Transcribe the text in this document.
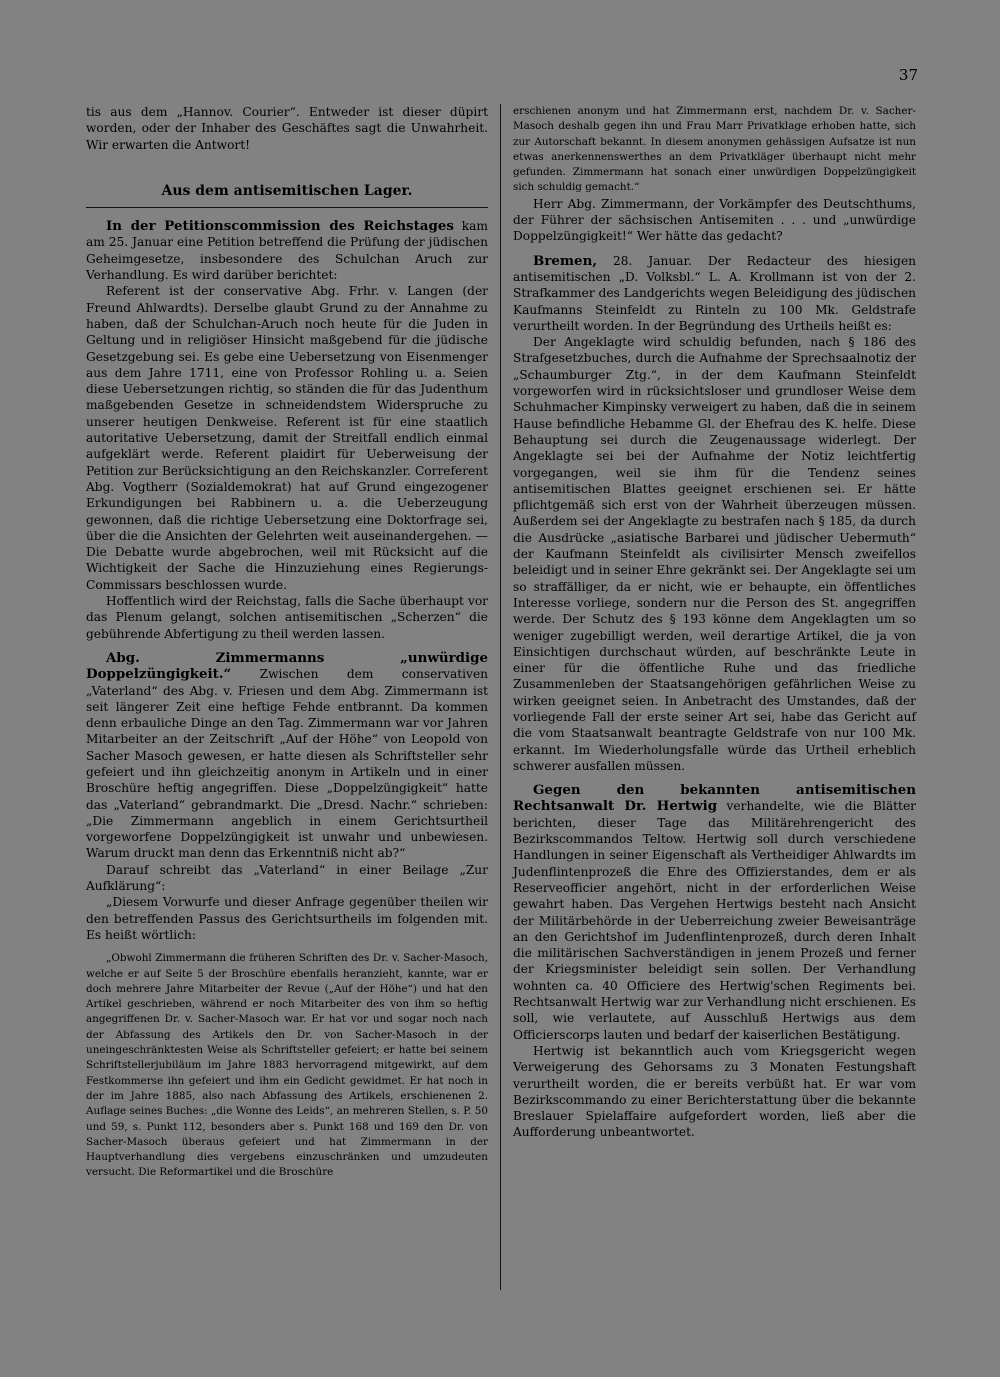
37

tis aus dem „Hannov. Courier“. Entweder ist dieser düpirt worden, oder der Inhaber des Geschäftes sagt die Unwahrheit. Wir erwarten die Antwort!

Aus dem antisemitischen Lager.

In der Petitionscommission des Reichstages kam am 25. Januar eine Petition betreffend die Prüfung der jüdischen Geheimgesetze, insbesondere des Schulchan Aruch zur Verhandlung. Es wird darüber berichtet:

Referent ist der conservative Abg. Frhr. v. Langen (der Freund Ahlwardts). Derselbe glaubt Grund zu der Annahme zu haben, daß der Schulchan-Aruch noch heute für die Juden in Geltung und in religiöser Hinsicht maßgebend für die jüdische Gesetzgebung sei. Es gebe eine Uebersetzung von Eisenmenger aus dem Jahre 1711, eine von Professor Rohling u. a. Seien diese Uebersetzungen richtig, so ständen die für das Judenthum maßgebenden Gesetze in schneidendstem Widerspruche zu unserer heutigen Denkweise. Referent ist für eine staatlich autoritative Uebersetzung, damit der Streitfall endlich einmal aufgeklärt werde. Referent plaidirt für Ueberweisung der Petition zur Berücksichtigung an den Reichskanzler. Correferent Abg. Vogtherr (Sozialdemokrat) hat auf Grund eingezogener Erkundigungen bei Rabbinern u. a. die Ueberzeugung gewonnen, daß die richtige Uebersetzung eine Doktorfrage sei, über die die Ansichten der Gelehrten weit auseinandergehen. — Die Debatte wurde abgebrochen, weil mit Rücksicht auf die Wichtigkeit der Sache die Hinzuziehung eines Regierungs-Commissars beschlossen wurde.

Hoffentlich wird der Reichstag, falls die Sache überhaupt vor das Plenum gelangt, solchen antisemitischen „Scherzen“ die gebührende Abfertigung zu theil werden lassen.

Abg. Zimmermanns „unwürdige Doppelzüngigkeit.“ Zwischen dem conservativen „Vaterland“ des Abg. v. Friesen und dem Abg. Zimmermann ist seit längerer Zeit eine heftige Fehde entbrannt. Da kommen denn erbauliche Dinge an den Tag. Zimmermann war vor Jahren Mitarbeiter an der Zeitschrift „Auf der Höhe“ von Leopold von Sacher Masoch gewesen, er hatte diesen als Schriftsteller sehr gefeiert und ihn gleichzeitig anonym in Artikeln und in einer Broschüre heftig angegriffen. Diese „Doppelzüngigkeit“ hatte das „Vaterland“ gebrandmarkt. Die „Dresd. Nachr.“ schrieben: „Die Zimmermann angeblich in einem Gerichtsurtheil vorgeworfene Doppelzüngigkeit ist unwahr und unbewiesen. Warum druckt man denn das Erkenntniß nicht ab?“

Darauf schreibt das „Vaterland“ in einer Beilage „Zur Aufklärung“:

„Diesem Vorwurfe und dieser Anfrage gegenüber theilen wir den betreffenden Passus des Gerichtsurtheils im folgenden mit. Es heißt wörtlich:

„Obwohl Zimmermann die früheren Schriften des Dr. v. Sacher-Masoch, welche er auf Seite 5 der Broschüre ebenfalls heranzieht, kannte, war er doch mehrere Jahre Mitarbeiter der Revue („Auf der Höhe“) und hat den Artikel geschrieben, während er noch Mitarbeiter des von ihm so heftig angegriffenen Dr. v. Sacher-Masoch war. Er hat vor und sogar noch nach der Abfassung des Artikels den Dr. von Sacher-Masoch in der uneingeschränktesten Weise als Schriftsteller gefeiert; er hatte bei seinem Schriftstellerjubiläum im Jahre 1883 hervorragend mitgewirkt, auf dem Festkommerse ihn gefeiert und ihm ein Gedicht gewidmet. Er hat noch in der im Jahre 1885, also nach Abfassung des Artikels, erschienenen 2. Auflage seines Buches: „die Wonne des Leids“, an mehreren Stellen, s. P. 50 und 59, s. Punkt 112, besonders aber s. Punkt 168 und 169 den Dr. von Sacher-Masoch überaus gefeiert und hat Zimmermann in der Hauptverhandlung dies vergebens einzuschränken und umzudeuten versucht. Die Reformartikel und die Broschüre

erschienen anonym und hat Zimmermann erst, nachdem Dr. v. Sacher-Masoch deshalb gegen ihn und Frau Marr Privatklage erhoben hatte, sich zur Autorschaft bekannt. In diesem anonymen gehässigen Aufsatze ist nun etwas anerkennenswerthes an dem Privatkläger überhaupt nicht mehr gefunden. Zimmermann hat sonach einer unwürdigen Doppelzüngigkeit sich schuldig gemacht.“

Herr Abg. Zimmermann, der Vorkämpfer des Deutschthums, der Führer der sächsischen Antisemiten . . . und „unwürdige Doppelzüngigkeit!“ Wer hätte das gedacht?

Bremen, 28. Januar. Der Redacteur des hiesigen antisemitischen „D. Volksbl.“ L. A. Krollmann ist von der 2. Strafkammer des Landgerichts wegen Beleidigung des jüdischen Kaufmanns Steinfeldt zu Rinteln zu 100 Mk. Geldstrafe verurtheilt worden. In der Begründung des Urtheils heißt es:

Der Angeklagte wird schuldig befunden, nach § 186 des Strafgesetzbuches, durch die Aufnahme der Sprechsaalnotiz der „Schaumburger Ztg.“, in der dem Kaufmann Steinfeldt vorgeworfen wird in rücksichtsloser und grundloser Weise dem Schuhmacher Kimpinsky verweigert zu haben, daß die in seinem Hause befindliche Hebamme Gl. der Ehefrau des K. helfe. Diese Behauptung sei durch die Zeugenaussage widerlegt. Der Angeklagte sei bei der Aufnahme der Notiz leichtfertig vorgegangen, weil sie ihm für die Tendenz seines antisemitischen Blattes geeignet erschienen sei. Er hätte pflichtgemäß sich erst von der Wahrheit überzeugen müssen. Außerdem sei der Angeklagte zu bestrafen nach § 185, da durch die Ausdrücke „asiatische Barbarei und jüdischer Uebermuth“ der Kaufmann Steinfeldt als civilisirter Mensch zweifellos beleidigt und in seiner Ehre gekränkt sei. Der Angeklagte sei um so straffälliger, da er nicht, wie er behaupte, ein öffentliches Interesse vorliege, sondern nur die Person des St. angegriffen werde. Der Schutz des § 193 könne dem Angeklagten um so weniger zugebilligt werden, weil derartige Artikel, die ja von Einsichtigen durchschaut würden, auf beschränkte Leute in einer für die öffentliche Ruhe und das friedliche Zusammenleben der Staatsangehörigen gefährlichen Weise zu wirken geeignet seien. In Anbetracht des Umstandes, daß der vorliegende Fall der erste seiner Art sei, habe das Gericht auf die vom Staatsanwalt beantragte Geldstrafe von nur 100 Mk. erkannt. Im Wiederholungsfalle würde das Urtheil erheblich schwerer ausfallen müssen.

Gegen den bekannten antisemitischen Rechtsanwalt Dr. Hertwig verhandelte, wie die Blätter berichten, dieser Tage das Militärehrengericht des Bezirkscommandos Teltow. Hertwig soll durch verschiedene Handlungen in seiner Eigenschaft als Vertheidiger Ahlwardts im Judenflintenprozeß die Ehre des Offizierstandes, dem er als Reserveofficier angehört, nicht in der erforderlichen Weise gewahrt haben. Das Vergehen Hertwigs besteht nach Ansicht der Militärbehörde in der Ueberreichung zweier Beweisanträge an den Gerichtshof im Judenflintenprozeß, durch deren Inhalt die militärischen Sachverständigen in jenem Prozeß und ferner der Kriegsminister beleidigt sein sollen. Der Verhandlung wohnten ca. 40 Officiere des Hertwig'schen Regiments bei. Rechtsanwalt Hertwig war zur Verhandlung nicht erschienen. Es soll, wie verlautete, auf Ausschluß Hertwigs aus dem Officierscorps lauten und bedarf der kaiserlichen Bestätigung.

Hertwig ist bekanntlich auch vom Kriegsgericht wegen Verweigerung des Gehorsams zu 3 Monaten Festungshaft verurtheilt worden, die er bereits verbüßt hat. Er war vom Bezirkscommando zu einer Berichterstattung über die bekannte Breslauer Spielaffaire aufgefordert worden, ließ aber die Aufforderung unbeantwortet.
